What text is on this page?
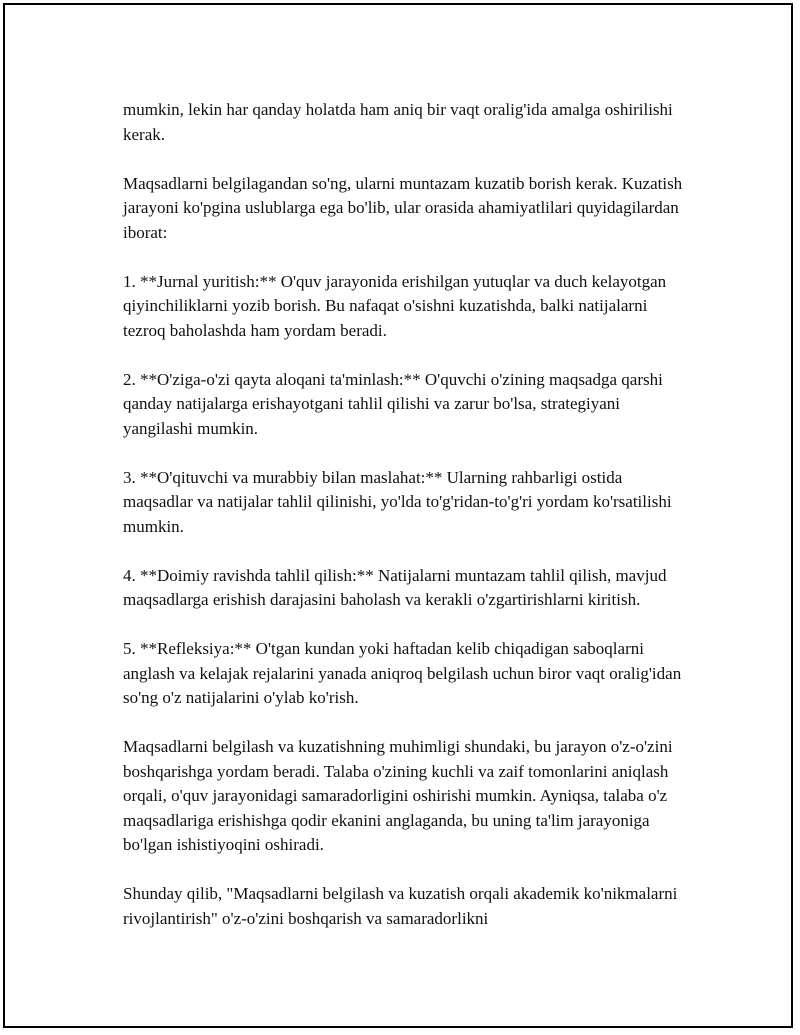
mumkin, lekin har qanday holatda ham aniq bir vaqt oralig'ida amalga oshirilishi kerak.

Maqsadlarni belgilagandan so'ng, ularni muntazam kuzatib borish kerak. Kuzatish jarayoni ko'pgina uslublarga ega bo'lib, ular orasida ahamiyatlilari quyidagilardan iborat:

1. **Jurnal yuritish:** O'quv jarayonida erishilgan yutuqlar va duch kelayotgan qiyinchiliklarni yozib borish. Bu nafaqat o'sishni kuzatishda, balki natijalarni tezroq baholashda ham yordam beradi.

2. **O'ziga-o'zi qayta aloqani ta'minlash:** O'quvchi o'zining maqsadga qarshi qanday natijalarga erishayotgani tahlil qilishi va zarur bo'lsa, strategiyani yangilashi mumkin.

3. **O'qituvchi va murabbiy bilan maslahat:** Ularning rahbarligi ostida maqsadlar va natijalar tahlil qilinishi, yo'lda to'g'ridan-to'g'ri yordam ko'rsatilishi mumkin.

4. **Doimiy ravishda tahlil qilish:** Natijalarni muntazam tahlil qilish, mavjud maqsadlarga erishish darajasini baholash va kerakli o'zgartirishlarni kiritish.

5. **Refleksiya:** O'tgan kundan yoki haftadan kelib chiqadigan saboqlarni anglash va kelajak rejalarini yanada aniqroq belgilash uchun biror vaqt oralig'idan so'ng o'z natijalarini o'ylab ko'rish.

Maqsadlarni belgilash va kuzatishning muhimligi shundaki, bu jarayon o'z-o'zini boshqarishga yordam beradi. Talaba o'zining kuchli va zaif tomonlarini aniqlash orqali, o'quv jarayonidagi samaradorligini oshirishi mumkin. Ayniqsa, talaba o'z maqsadlariga erishishga qodir ekanini anglaganda, bu uning ta'lim jarayoniga bo'lgan ishistiyoqini oshiradi.

Shunday qilib, "Maqsadlarni belgilash va kuzatish orqali akademik ko'nikmalarni rivojlantirish" o'z-o'zini boshqarish va samaradorlikni
